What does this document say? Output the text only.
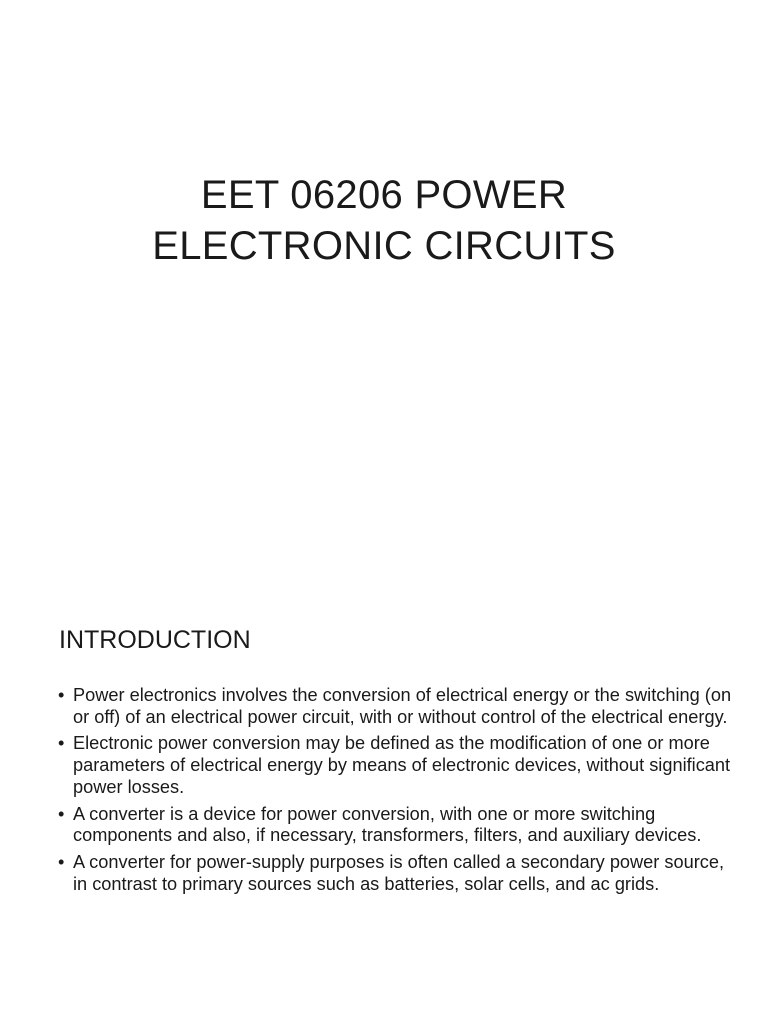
EET 06206 POWER
ELECTRONIC CIRCUITS
INTRODUCTION
• Power electronics involves the conversion of electrical energy or the switching (on or off) of an electrical power circuit, with or without control of the electrical energy.
• Electronic power conversion may be defined as the modification of one or more parameters of electrical energy by means of electronic devices, without significant power losses.
• A converter is a device for power conversion, with one or more switching components and also, if necessary, transformers, filters, and auxiliary devices.
• A converter for power-supply purposes is often called a secondary power source, in contrast to primary sources such as batteries, solar cells, and ac grids.
